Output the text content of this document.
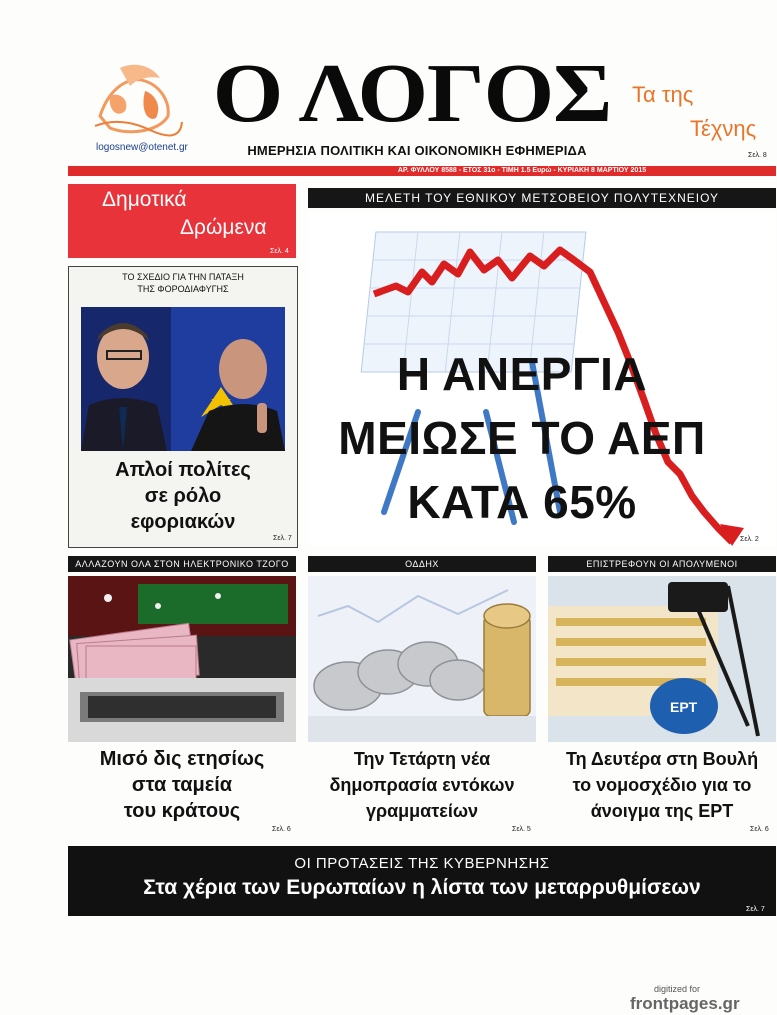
logosnew@otenet.gr
Ο ΛΟΓΟΣ
ΗΜΕΡΗΣΙΑ ΠΟΛΙΤΙΚΗ ΚΑΙ ΟΙΚΟΝΟΜΙΚΗ ΕΦΗΜΕΡΙΔΑ
Τα της
Τέχνης
Σελ. 8
ΑΡ. ΦΥΛΛΟΥ 8588 - ΕΤΟΣ 31ο - ΤΙΜΗ 1.5 Ευρώ - ΚΥΡΙΑΚΗ 8 ΜΑΡΤΙΟΥ 2015
Δημοτικά
Δρώμενα
Σελ. 4
ΤΟ ΣΧΕΔΙΟ ΓΙΑ ΤΗΝ ΠΑΤΑΞΗ
ΤΗΣ ΦΟΡΟΔΙΑΦΥΓΗΣ
Απλοί πολίτες
σε ρόλο
εφοριακών
Σελ. 7
ΜΕΛΕΤΗ ΤΟΥ ΕΘΝΙΚΟΥ ΜΕΤΣΟΒΕΙΟΥ ΠΟΛΥΤΕΧΝΕΙΟΥ
Η ΑΝΕΡΓΙΑ
ΜΕΙΩΣΕ ΤΟ ΑΕΠ
ΚΑΤΑ 65%
Σελ. 2
ΑΛΛΑΖΟΥΝ ΟΛΑ ΣΤΟΝ ΗΛΕΚΤΡΟΝΙΚΟ ΤΖΟΓΟ	ΟΔΔΗΧ	ΕΠΙΣΤΡΕΦΟΥΝ ΟΙ ΑΠΟΛΥΜΕΝΟΙ
ΕΡΤ
Μισό δις ετησίως
στα ταμεία
του κράτους
Σελ. 6
Την Τετάρτη νέα
δημοπρασία εντόκων
γραμματείων
Σελ. 5
Τη Δευτέρα στη Βουλή
το νομοσχέδιο για το
άνοιγμα της ΕΡΤ
Σελ. 6
ΟΙ ΠΡΟΤΑΣΕΙΣ ΤΗΣ ΚΥΒΕΡΝΗΣΗΣ
Στα χέρια των Ευρωπαίων η λίστα των μεταρρυθμίσεων
Σελ. 7
digitized for
frontpages.gr
